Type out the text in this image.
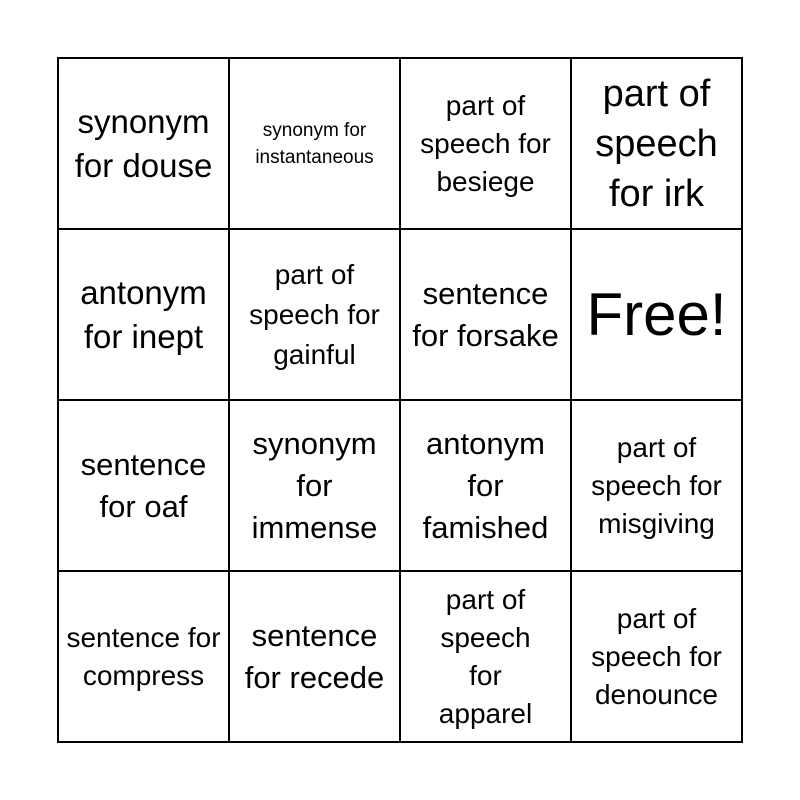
synonym for douse
synonym for instantaneous
part of speech for besiege
part of speech for irk
antonym for inept
part of speech for gainful
sentence for forsake Free!
sentence for oaf
synonym for immense
antonym for famished
part of speech for misgiving
sentence for compress
sentence for recede
part of speech for apparel
part of speech for denounce
